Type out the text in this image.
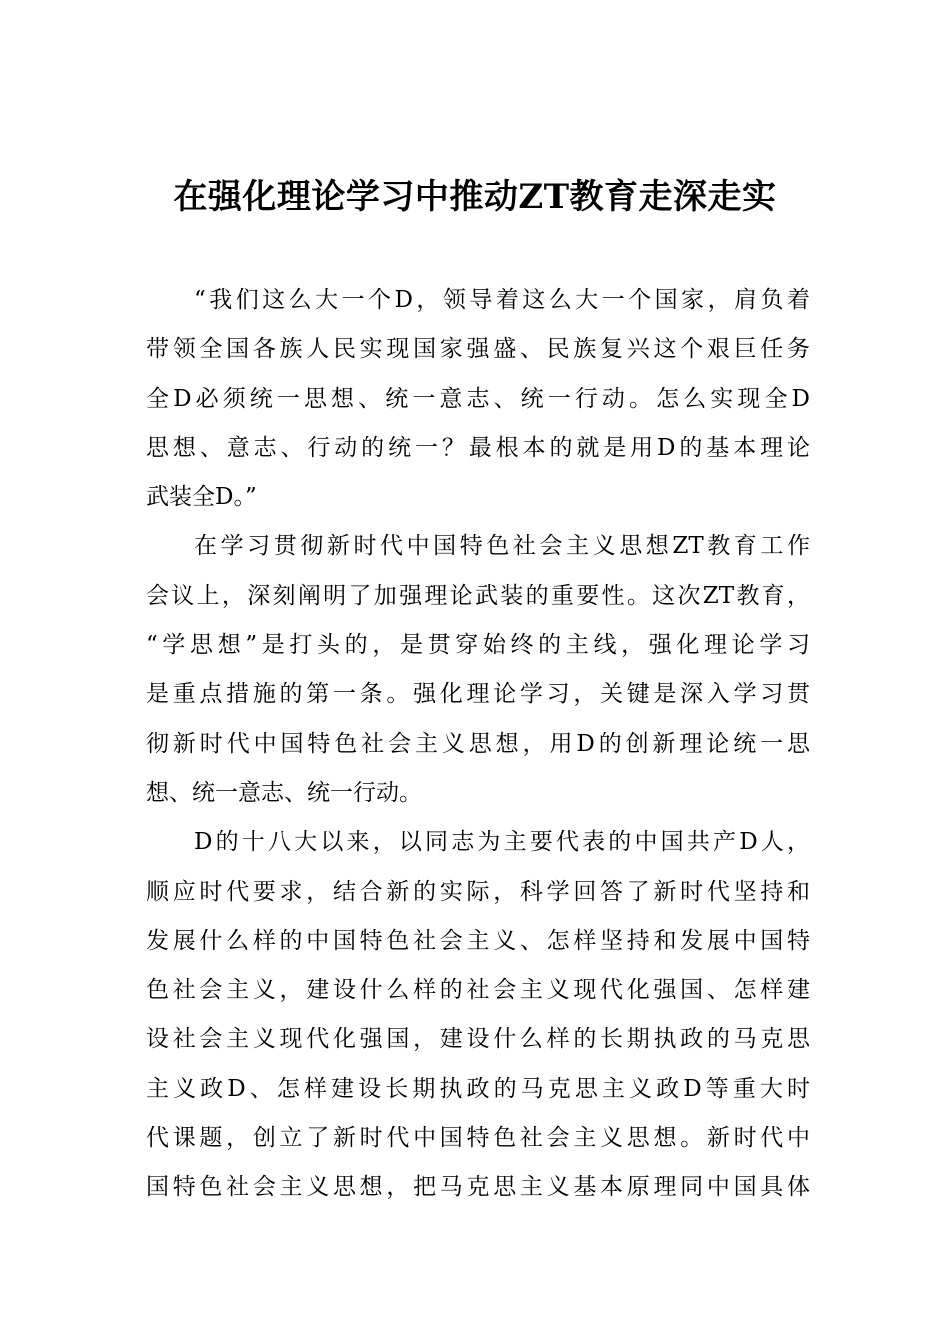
在强化理论学习中推动ZT教育走深走实
“我们这么大一个D，领导着这么大一个国家，肩负着
带领全国各族人民实现国家强盛、民族复兴这个艰巨任务
全D必须统一思想、统一意志、统一行动。怎么实现全D
思想、意志、行动的统一？最根本的就是用D的基本理论
武装全D。”
在学习贯彻新时代中国特色社会主义思想ZT教育工作
会议上，深刻阐明了加强理论武装的重要性。这次ZT教育，
“学思想”是打头的，是贯穿始终的主线，强化理论学习
是重点措施的第一条。强化理论学习，关键是深入学习贯
彻新时代中国特色社会主义思想，用D的创新理论统一思
想、统一意志、统一行动。
D的十八大以来，以同志为主要代表的中国共产D人，
顺应时代要求，结合新的实际，科学回答了新时代坚持和
发展什么样的中国特色社会主义、怎样坚持和发展中国特
色社会主义，建设什么样的社会主义现代化强国、怎样建
设社会主义现代化强国，建设什么样的长期执政的马克思
主义政D、怎样建设长期执政的马克思主义政D等重大时
代课题，创立了新时代中国特色社会主义思想。新时代中
国特色社会主义思想，把马克思主义基本原理同中国具体
